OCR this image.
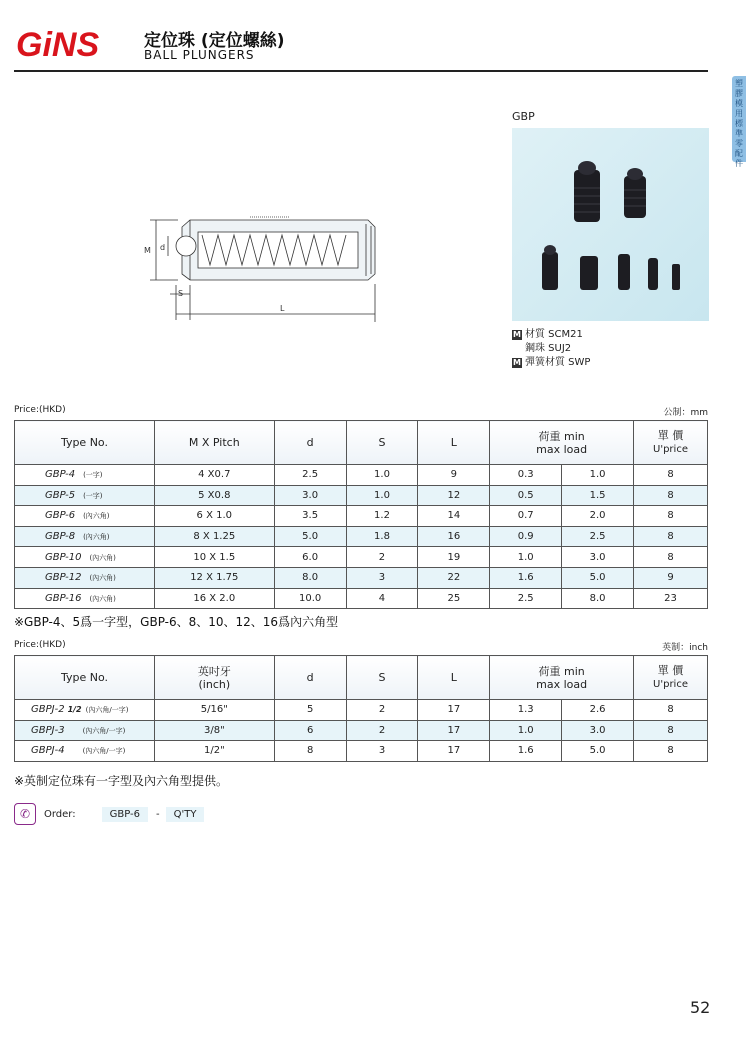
GiNS	定位珠 (定位螺絲)
BALL PLUNGERS
塑膠模用標準零配件
M d
S
L
GBP
M 材質 SCM21
鋼珠 SUJ2
M 彈簧材質 SWP
Price:(HKD)	公制：mm
Type No.	M X Pitch	d	S	L	荷重 min
max load		單 價
U'price
GBP-4 (一字)	4 X0.7	2.5	1.0	9	0.3	1.0	8
GBP-5 (一字)	5 X0.8	3.0	1.0	12	0.5	1.5	8
GBP-6 (內六角)	6 X 1.0	3.5	1.2	14	0.7	2.0	8
GBP-8 (內六角)	8 X 1.25	5.0	1.8	16	0.9	2.5	8
GBP-10 (內六角)	10 X 1.5	6.0	2	19	1.0	3.0	8
GBP-12 (內六角)	12 X 1.75	8.0	3	22	1.6	5.0	9
GBP-16 (內六角)	16 X 2.0	10.0	4	25	2.5	8.0	23
※GBP-4、5爲一字型，GBP-6、8、10、12、16爲內六角型
Price:(HKD)	英制：inch
Type No.	英吋牙
(inch)	d	S	L	荷重 min
max load		單 價
U'price
GBPJ-2 1/2 (內六角/一字)	5/16"	5	2	17	1.3	2.6	8
GBPJ-3 (內六角/一字)	3/8"	6	2	17	1.0	3.0	8
GBPJ-4 (內六角/一字)	1/2"	8	3	17	1.6	5.0	8
※英制定位珠有一字型及內六角型提供。
✆	Order:	GBP-6	-	Q'TY
52
